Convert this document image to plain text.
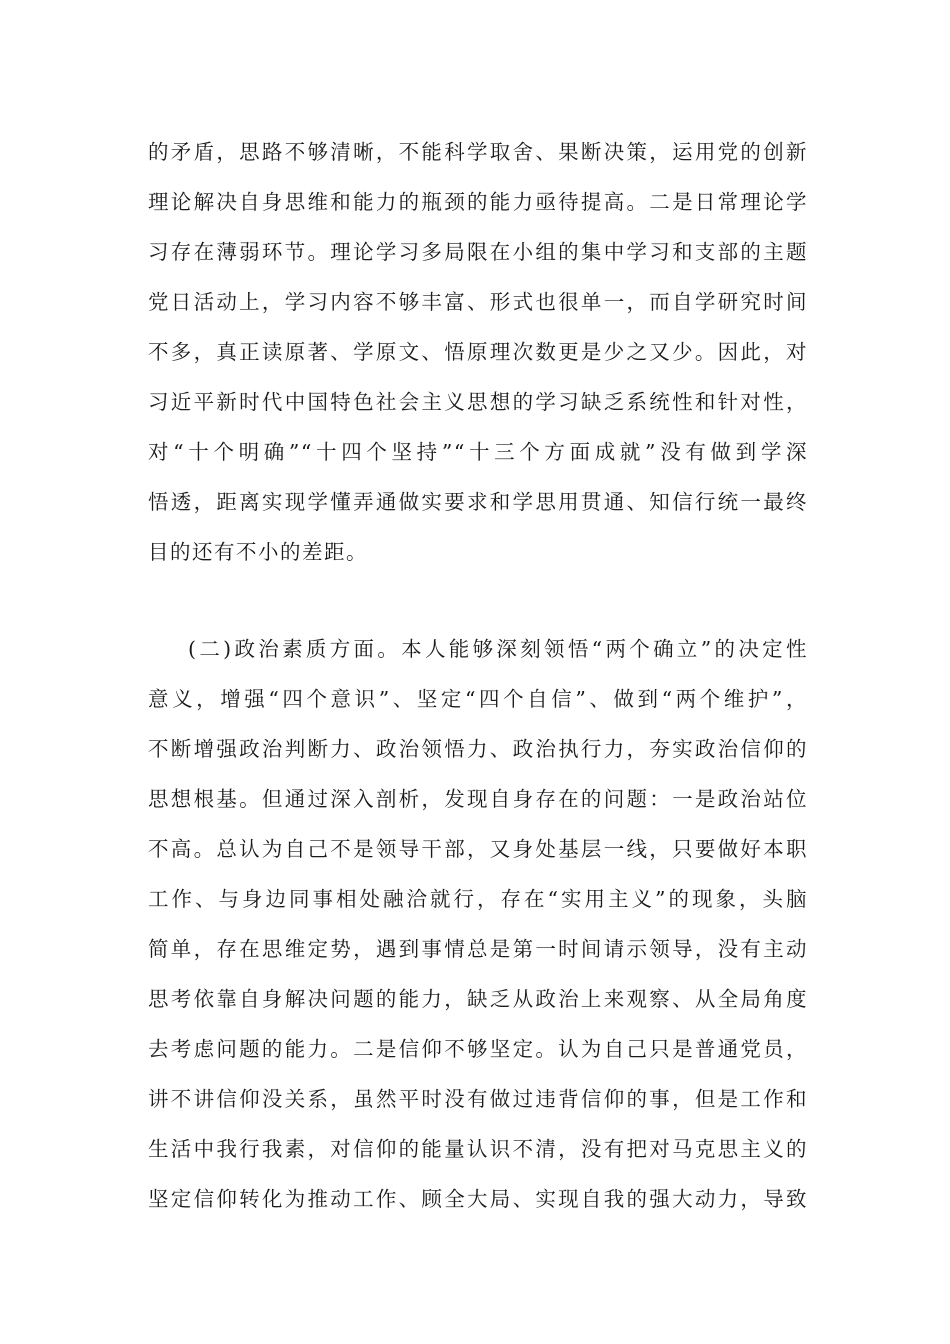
的矛盾，思路不够清晰，不能科学取舍、果断决策，运用党的创新
理论解决自身思维和能力的瓶颈的能力亟待提高。二是日常理论学
习存在薄弱环节。理论学习多局限在小组的集中学习和支部的主题
党日活动上，学习内容不够丰富、形式也很单一，而自学研究时间
不多，真正读原著、学原文、悟原理次数更是少之又少。因此，对
习近平新时代中国特色社会主义思想的学习缺乏系统性和针对性，
对“十个明确”“十四个坚持”“十三个方面成就”没有做到学深
悟透，距离实现学懂弄通做实要求和学思用贯通、知信行统一最终
目的还有不小的差距。
(二)政治素质方面。本人能够深刻领悟“两个确立”的决定性
意义，增强“四个意识”、坚定“四个自信”、做到“两个维护”，
不断增强政治判断力、政治领悟力、政治执行力，夯实政治信仰的
思想根基。但通过深入剖析，发现自身存在的问题：一是政治站位
不高。总认为自己不是领导干部，又身处基层一线，只要做好本职
工作、与身边同事相处融洽就行，存在“实用主义”的现象，头脑
简单，存在思维定势，遇到事情总是第一时间请示领导，没有主动
思考依靠自身解决问题的能力，缺乏从政治上来观察、从全局角度
去考虑问题的能力。二是信仰不够坚定。认为自己只是普通党员，
讲不讲信仰没关系，虽然平时没有做过违背信仰的事，但是工作和
生活中我行我素，对信仰的能量认识不清，没有把对马克思主义的
坚定信仰转化为推动工作、顾全大局、实现自我的强大动力，导致
